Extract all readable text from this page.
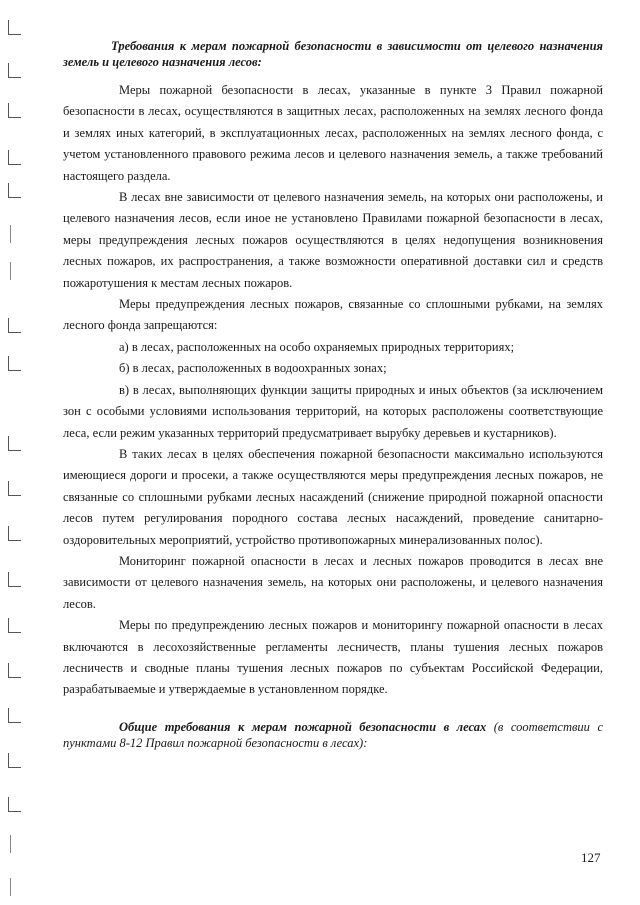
Требования к мерам пожарной безопасности в зависимости от целевого назначения земель и целевого назначения лесов:

Меры пожарной безопасности в лесах, указанные в пункте 3 Правил пожарной безопасности в лесах, осуществляются в защитных лесах, расположенных на землях лесного фонда и землях иных категорий, в эксплуатационных лесах, расположенных на землях лесного фонда, с учетом установленного правового режима лесов и целевого назначения земель, а также требований настоящего раздела.

В лесах вне зависимости от целевого назначения земель, на которых они расположены, и целевого назначения лесов, если иное не установлено Правилами пожарной безопасности в лесах, меры предупреждения лесных пожаров осуществляются в целях недопущения возникновения лесных пожаров, их распространения, а также возможности оперативной доставки сил и средств пожаротушения к местам лесных пожаров.

Меры предупреждения лесных пожаров, связанные со сплошными рубками, на землях лесного фонда запрещаются:

а) в лесах, расположенных на особо охраняемых природных территориях;

б) в лесах, расположенных в водоохранных зонах;

в) в лесах, выполняющих функции защиты природных и иных объектов (за исключением зон с особыми условиями использования территорий, на которых расположены соответствующие леса, если режим указанных территорий предусматривает вырубку деревьев и кустарников).

В таких лесах в целях обеспечения пожарной безопасности максимально используются имеющиеся дороги и просеки, а также осуществляются меры предупреждения лесных пожаров, не связанные со сплошными рубками лесных насаждений (снижение природной пожарной опасности лесов путем регулирования породного состава лесных насаждений, проведение санитарно-оздоровительных мероприятий, устройство противопожарных минерализованных полос).

Мониторинг пожарной опасности в лесах и лесных пожаров проводится в лесах вне зависимости от целевого назначения земель, на которых они расположены, и целевого назначения лесов.

Меры по предупреждению лесных пожаров и мониторингу пожарной опасности в лесах включаются в лесохозяйственные регламенты лесничеств, планы тушения лесных пожаров лесничеств и сводные планы тушения лесных пожаров по субъектам Российской Федерации, разрабатываемые и утверждаемые в установленном порядке.

Общие требования к мерам пожарной безопасности в лесах (в соответствии с пунктами 8-12 Правил пожарной безопасности в лесах):

127
